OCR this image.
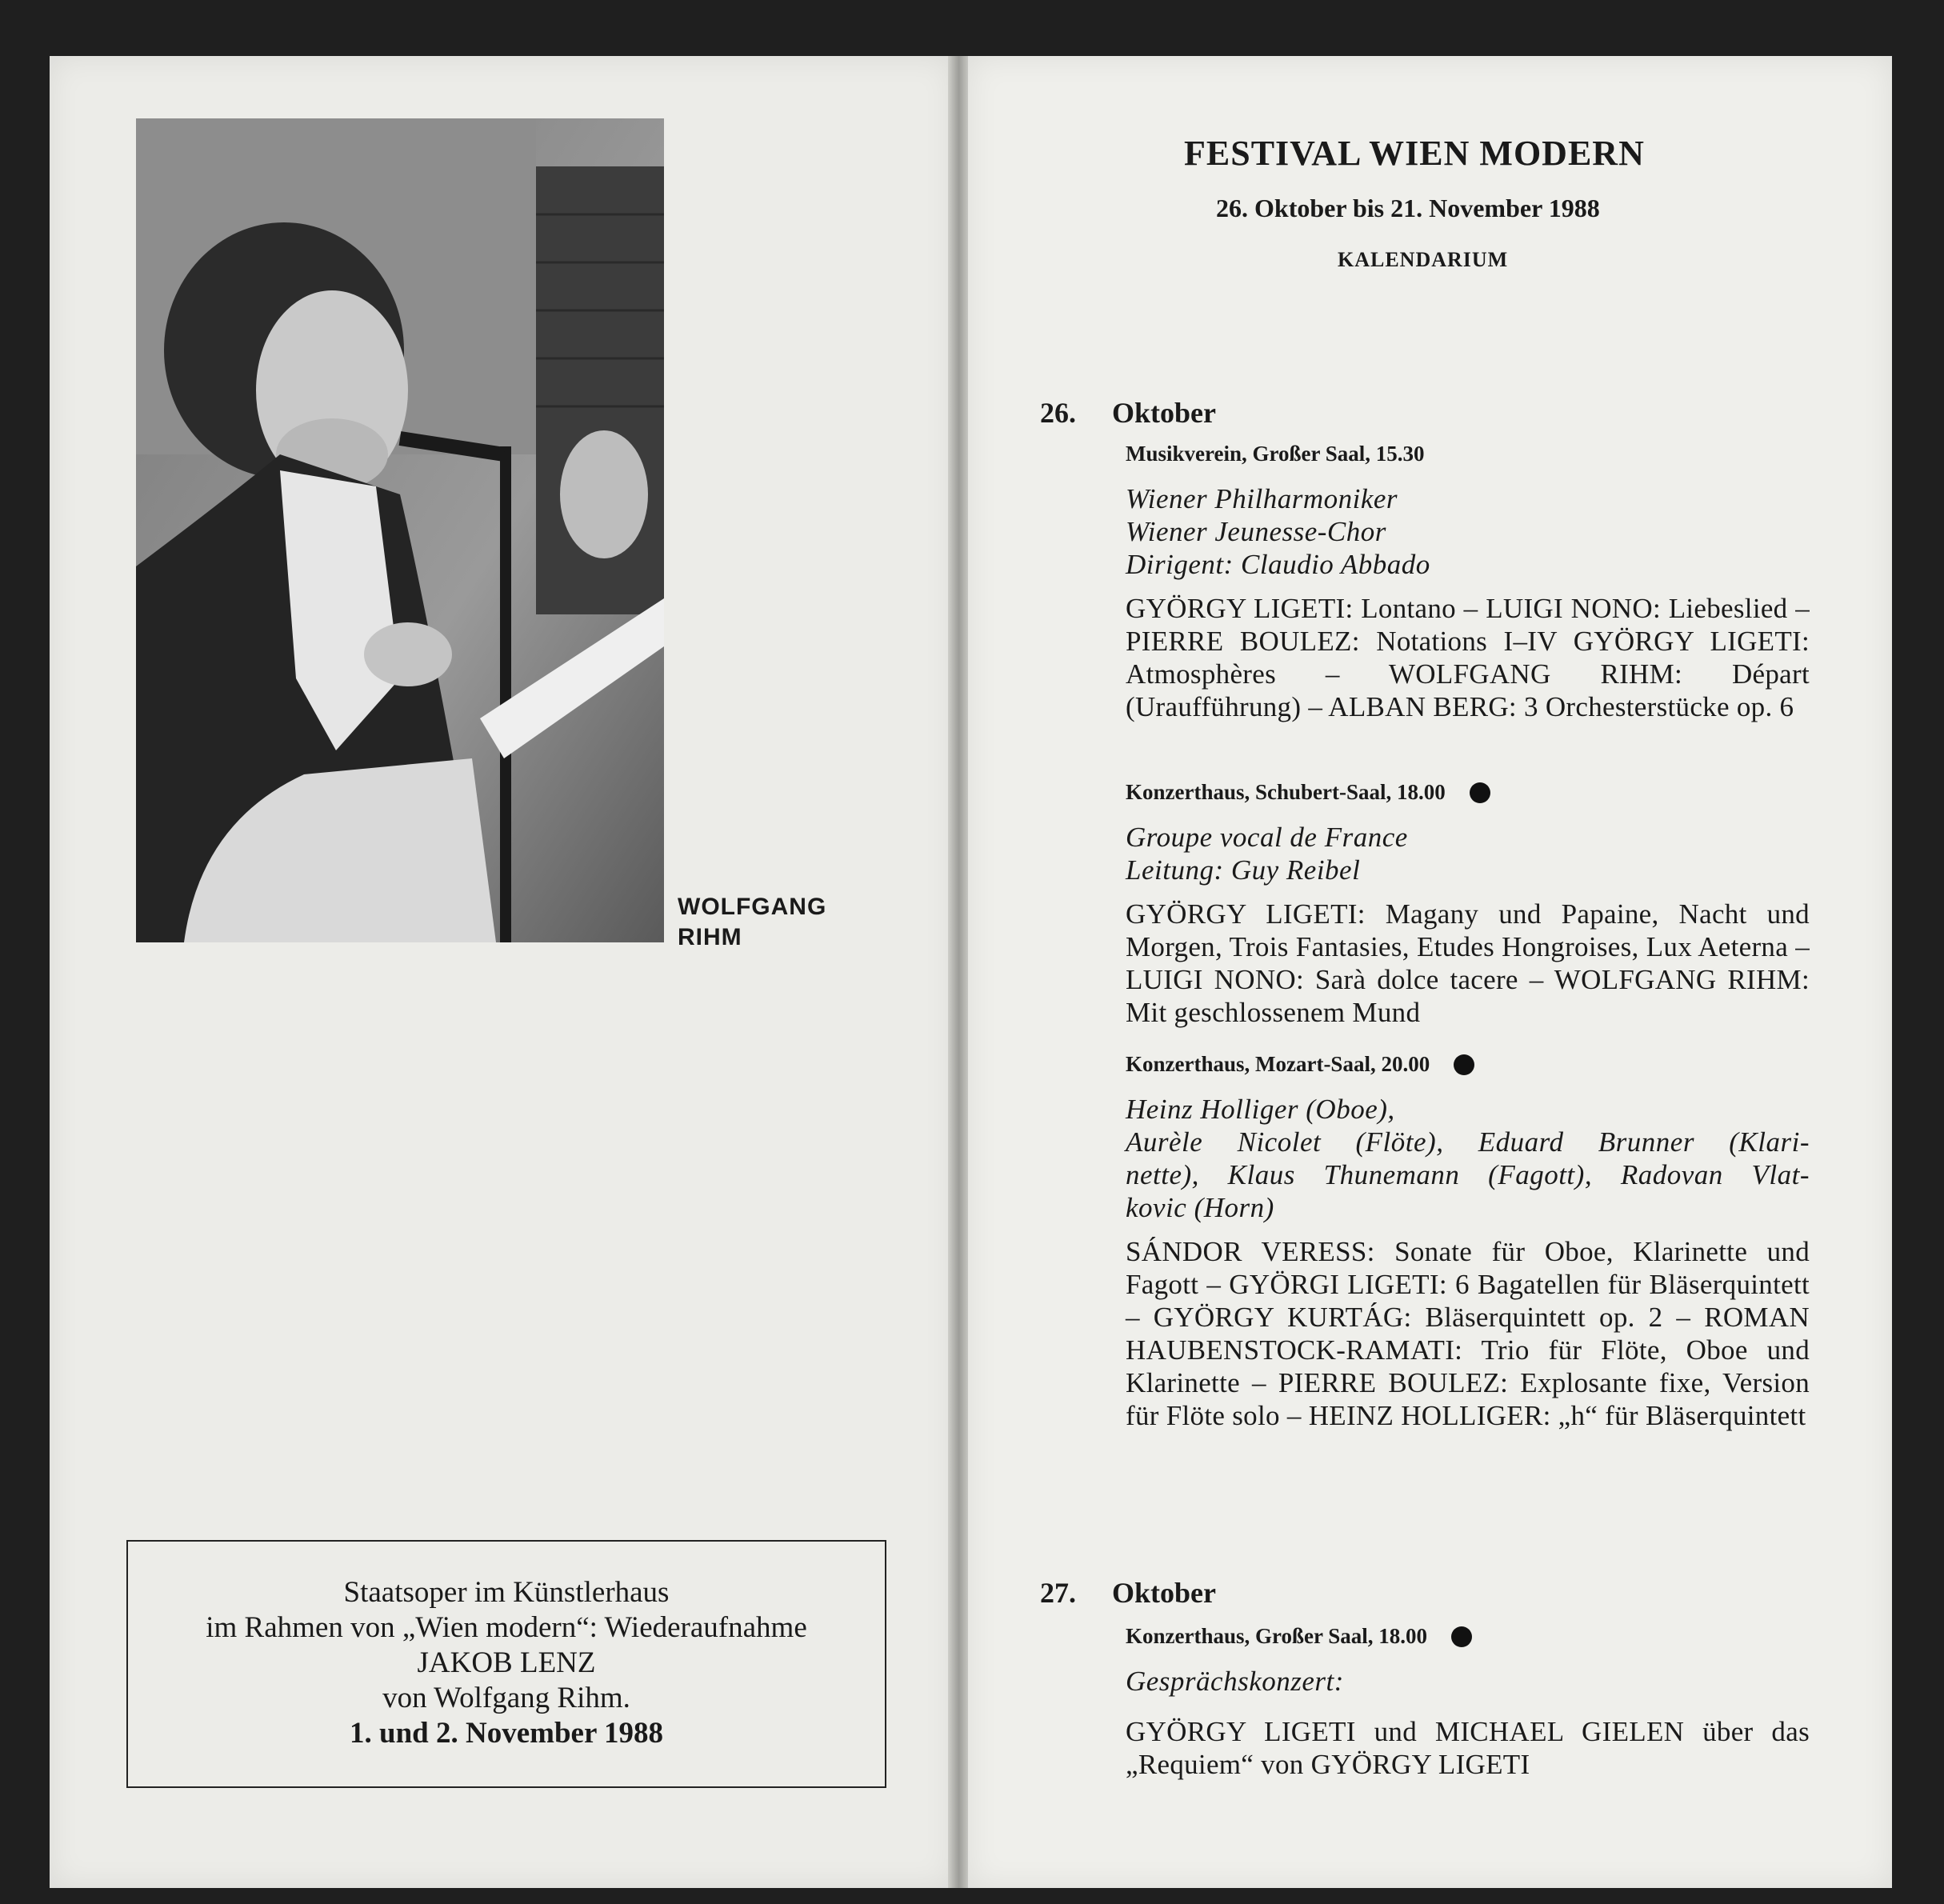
WOLFGANG
RIHM
Staatsoper im Künstlerhaus
im Rahmen von „Wien modern“: Wiederaufnahme
JAKOB LENZ
von Wolfgang Rihm.
1. und 2. November 1988
FESTIVAL WIEN MODERN
26. Oktober bis 21. November 1988
KALENDARIUM
26. Oktober
Musikverein, Großer Saal, 15.30
Wiener Philharmoniker
Wiener Jeunesse-Chor
Dirigent: Claudio Abbado
GYÖRGY LIGETI: Lontano – LUIGI NONO: Liebeslied – PIERRE BOULEZ: Notations I–IV GYÖRGY LIGETI: Atmosphères – WOLFGANG RIHM: Départ (Uraufführung) – ALBAN BERG: 3 Orchesterstücke op. 6
Konzerthaus, Schubert-Saal, 18.00
Groupe vocal de France
Leitung: Guy Reibel
GYÖRGY LIGETI: Magany und Papaine, Nacht und Morgen, Trois Fantasies, Etudes Hongroises, Lux Aeterna – LUIGI NONO: Sarà dolce tacere – WOLFGANG RIHM: Mit geschlossenem Mund
Konzerthaus, Mozart-Saal, 20.00
Heinz Holliger (Oboe),
Aurèle Nicolet (Flöte), Eduard Brunner (Klari-
nette), Klaus Thunemann (Fagott), Radovan Vlat-
kovic (Horn)
SÁNDOR VERESS: Sonate für Oboe, Klarinette und Fagott – GYÖRGI LIGETI: 6 Bagatellen für Bläserquintett – GYÖRGY KURTÁG: Bläserquintett op. 2 – ROMAN HAUBENSTOCK-RAMATI: Trio für Flöte, Oboe und Klarinette – PIERRE BOULEZ: Explosante fixe, Version für Flöte solo – HEINZ HOLLIGER: „h“ für Bläserquintett
27. Oktober
Konzerthaus, Großer Saal, 18.00
Gesprächskonzert:
GYÖRGY LIGETI und MICHAEL GIELEN über das „Requiem“ von GYÖRGY LIGETI
